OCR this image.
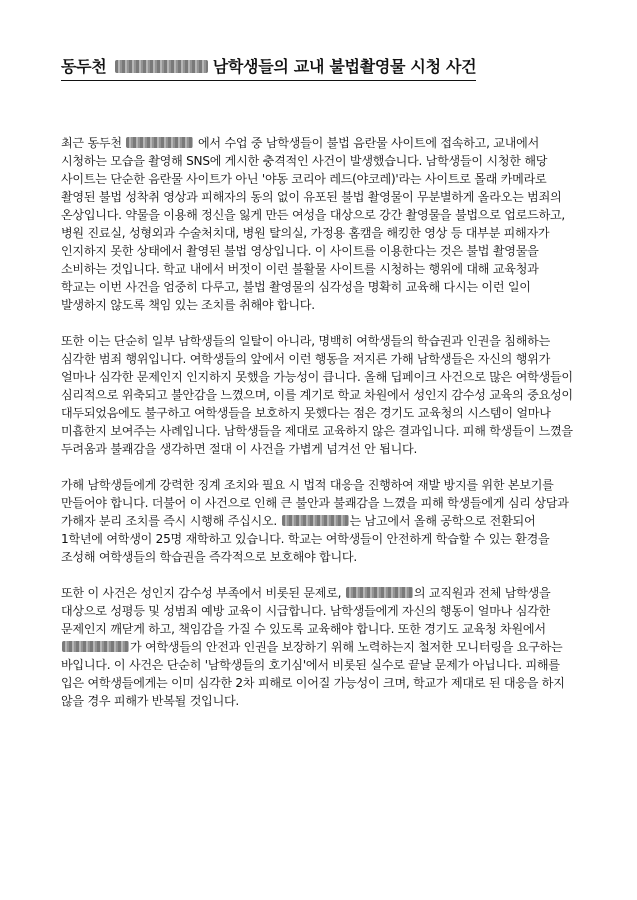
동두천	남학생들의 교내 불법촬영물 시청 사건

최근 동두천	에서 수업 중 남학생들이 불법 음란물 사이트에 접속하고, 교내에서 시청하는 모습을 촬영해 SNS에 게시한 충격적인 사건이 발생했습니다. 남학생들이 시청한 해당 사이트는 단순한 음란물 사이트가 아닌 '야동 코리아 레드(야코레)'라는 사이트로 몰래 카메라로 촬영된 불법 성착취 영상과 피해자의 동의 없이 유포된 불법 촬영물이 무분별하게 올라오는 범죄의 온상입니다. 약물을 이용해 정신을 잃게 만든 여성을 대상으로 강간 촬영물을 불법으로 업로드하고, 병원 진료실, 성형외과 수술처치대, 병원 탈의실, 가정용 홈캠을 해킹한 영상 등 대부분 피해자가 인지하지 못한 상태에서 촬영된 불법 영상입니다. 이 사이트를 이용한다는 것은 불법 촬영물을 소비하는 것입니다. 학교 내에서 버젓이 이런 불활물 사이트를 시청하는 행위에 대해 교육청과 학교는 이번 사건을 엄중히 다루고, 불법 촬영물의 심각성을 명확히 교육해 다시는 이런 일이 발생하지 않도록 책임 있는 조치를 취해야 합니다.

또한 이는 단순히 일부 남학생들의 일탈이 아니라, 명백히 여학생들의 학습권과 인권을 침해하는 심각한 범죄 행위입니다. 여학생들의 앞에서 이런 행동을 저지른 가해 남학생들은 자신의 행위가 얼마나 심각한 문제인지 인지하지 못했을 가능성이 큽니다. 올해 딥페이크 사건으로 많은 여학생들이 심리적으로 위축되고 불안감을 느꼈으며, 이를 계기로 학교 차원에서 성인지 감수성 교육의 중요성이 대두되었음에도 불구하고 여학생들을 보호하지 못했다는 점은 경기도 교육청의 시스템이 얼마나 미흡한지 보여주는 사례입니다. 남학생들을 제대로 교육하지 않은 결과입니다. 피해 학생들이 느꼈을 두려움과 불쾌감을 생각하면 절대 이 사건을 가볍게 넘겨선 안 됩니다.

가해 남학생들에게 강력한 징계 조치와 필요 시 법적 대응을 진행하여 재발 방지를 위한 본보기를 만들어야 합니다. 더불어 이 사건으로 인해 큰 불안과 불쾌감을 느꼈을 피해 학생들에게 심리 상담과 가해자 분리 조치를 즉시 시행해 주십시오.	는 남고에서 올해 공학으로 전환되어 1학년에 여학생이 25명 재학하고 있습니다. 학교는 여학생들이 안전하게 학습할 수 있는 환경을 조성해 여학생들의 학습권을 즉각적으로 보호해야 합니다.

또한 이 사건은 성인지 감수성 부족에서 비롯된 문제로,	의 교직원과 전체 남학생을 대상으로 성평등 및 성범죄 예방 교육이 시급합니다. 남학생들에게 자신의 행동이 얼마나 심각한 문제인지 깨닫게 하고, 책임감을 가질 수 있도록 교육해야 합니다. 또한 경기도 교육청 차원에서 가 여학생들의 안전과 인권을 보장하기 위해 노력하는지 철저한 모니터링을 요구하는 바입니다. 이 사건은 단순히 '남학생들의 호기심'에서 비롯된 실수로 끝날 문제가 아닙니다. 피해를 입은 여학생들에게는 이미 심각한 2차 피해로 이어질 가능성이 크며, 학교가 제대로 된 대응을 하지 않을 경우 피해가 반복될 것입니다.
